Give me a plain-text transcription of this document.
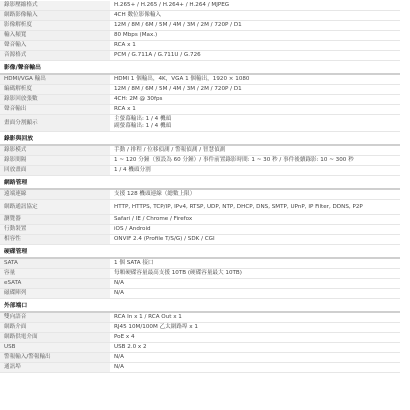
錄影壓縮格式	H.265+ / H.265 / H.264+ / H.264 / MJPEG
網路影像輸入	4CH 數位影像輸入
影像解析度	12M / 8M / 6M / 5M / 4M / 3M / 2M / 720P / D1
輸入頻寬	80 Mbps (Max.)
聲音輸入	RCA x 1
音源格式	PCM / G.711A / G.711U / G.726
影像/聲音輸出	
HDMI/VGA 輸出	HDMI 1 個輸出，4K，VGA 1 個輸出，1920 × 1080
編碼解析度	12M / 8M / 6M / 5M / 4M / 3M / 2M / 720P / D1
錄影回放張數	4CH: 2M @ 30fps
聲音輸出	RCA x 1
畫面分割顯示	主螢幕輸出: 1 / 4 機頭
副螢幕輸出: 1 / 4 機頭

錄影與回放	
錄影模式	手動 / 排程 / 位移偵測 / 警報偵測 / 智慧偵測
錄影間隔	1 ~ 120 分鐘（預設為 60 分鐘）/ 事件前置錄影時間: 1 ~ 30 秒 / 事件後續錄影: 10 ~ 300 秒
回放畫面	1 / 4 機頭分割
網路管理	
遠端連線	支援 128 機頭連線（總數上限）
網路通訊協定	HTTP, HTTPS, TCP/IP, IPv4, RTSP, UDP, NTP, DHCP, DNS, SMTP, UPnP, IP Filter, DDNS, P2P
瀏覽器	Safari / IE / Chrome / Firefox
行動裝置	iOS / Android
相容性	ONVIF 2.4 (Profile T/S/G) / SDK / CGI
硬碟管理	
SATA	1 個 SATA 接口
容量	每顆硬碟容量最高支援 10TB (硬碟容量最大 10TB)
eSATA	N/A
磁碟陣列	N/A
外部端口	
雙向語音	RCA In x 1 / RCA Out x 1
網路介面	RJ45 10M/100M 乙太網路埠 x 1
網路供電介面	PoE x 4
USB	USB 2.0 x 2
警報輸入/警報輸出	N/A
通訊埠	N/A
